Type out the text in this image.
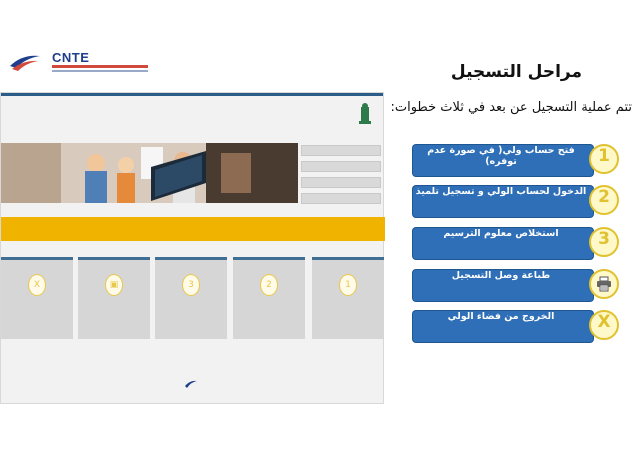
CNTE
1
2
3
▣
X
مراحل التسجيل
تتم عملية التسجيل عن بعد في ثلاث خطوات:
فتح حساب ولي( في صورة عدم توفره)	1
الدخول لحساب الولي و تسجيل تلميذ 2
استخلاص معلوم الترسيم	3
طباعة وصل التسجيل
الخروج من فضاء الولي	X
